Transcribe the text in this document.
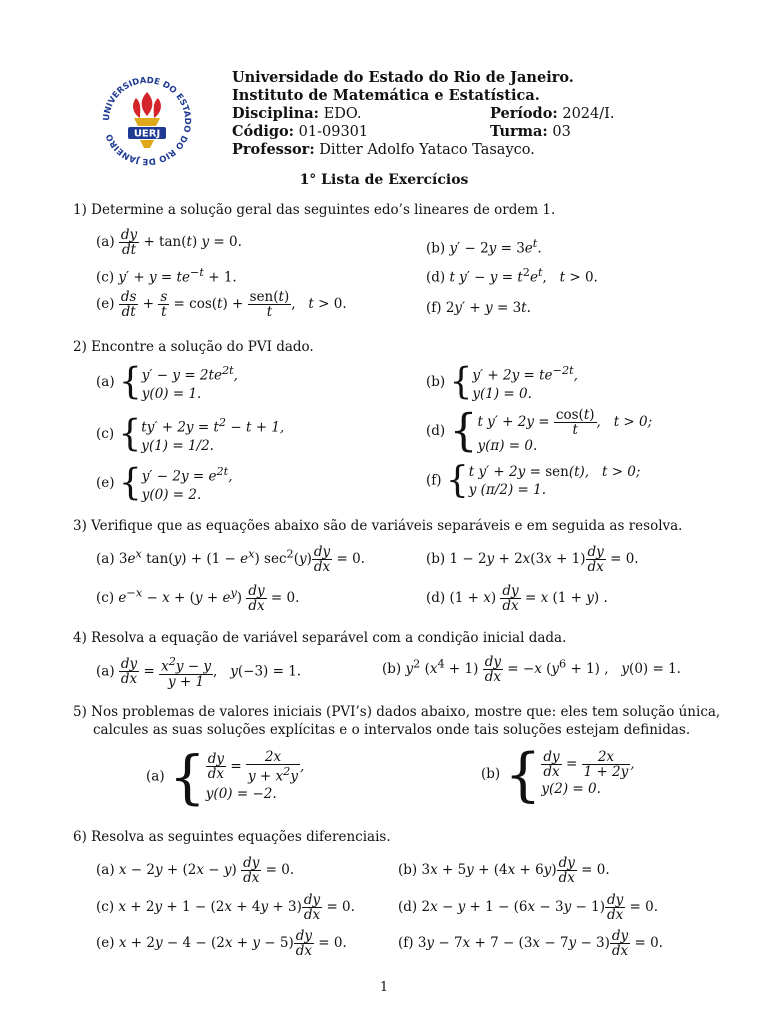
UNIVERSIDADE DO ESTADO DO RIO DE JANEIRO	UERJ
Universidade do Estado do Rio de Janeiro.
Instituto de Matemática e Estatística.
Disciplina: EDO.	Período: 2024/I.
Código: 01-09301	Turma: 03
Professor: Ditter Adolfo Yataco Tasayco.
1° Lista de Exercícios
1) Determine a solução geral das seguintes edo’s lineares de ordem 1.
$(a) \frac{dy}{dt} + \tan(t) y = 0$.	(b) $y' - 2y = 3e^t$.
(c) $y' + y = te^{-t} + 1$.	(d) t $y' - y = t^2e^t$,   t > 0.
$(e) \frac{ds}{dt} + \frac{s}{t} = \cos(t) + \frac{\text{sen(t)}}{t}$ ,   t > 0.	(f) 2y′ + y = 3t.
2) Encontre a solução do PVI dado.
(a) {$y' - y = 2te^{2t}$,
y(0) = 1.
(b) {$y' + 2y = te^{-2t}$,
y(1) = 0.
(c) {$ty' + 2y = t^2 - t + 1$,
y(1) = 1/2.
(d) {t $y' + 2y = \frac{\cos(t)}{t}$ ,   t > 0;
y(π) = 0.
(e) {$y' - 2y = e^{2t}$,
y(0) = 2.
(f) {t y′ + 2y = sen(t),   t > 0;
y (π/2) = 1.
3) Verifique que as equações abaixo são de variáveis separáveis e em seguida as resolva.
(a) $3e^x$ $\tan(y) + (1 - e^x)$ $\sec^2(y) \frac{dy}{dx} = 0$.	(b) $1 - 2y + 2x(3x + 1) \frac{dy}{dx} = 0$.
(c) $e^{-x} - x + (y + e^y) \frac{dy}{dx} = 0$.	(d) $(1 + x) \frac{dy}{dx} = x$ (1 + y) .
4) Resolva a equação de variável separável com a condição inicial dada.
$(a) \frac{dy}{dx} = \frac{x^2y - y}{y + 1}$ ,   y(−3) = 1.	(b) $y^2$ $(x^4 + 1) \frac{dy}{dx} = -x$ $(y^6 + 1)$ ,   y(0) = 1.
5) Nos problemas de valores iniciais (PVI’s) dados abaixo, mostre que: eles tem solução única,
calcules as suas soluções explícitas e o intervalos onde tais soluções estejam definidas.
(a) { $\frac{dy}{dx} = \frac{2x}{y + x^2y}$ ,
y(0) = −2.
(b) { $\frac{dy}{dx} = \frac{2x}{1 + 2y}$ ,
y(2) = 0.
6) Resolva as seguintes equações diferenciais.
(a) $x - 2y + (2x - y) \frac{dy}{dx} = 0$.	(b) $3x + 5y + (4x + 6y) \frac{dy}{dx} = 0$.
(c) $x + 2y + 1 - (2x + 4y + 3) \frac{dy}{dx} = 0$.	(d) $2x - y + 1 - (6x - 3y - 1) \frac{dy}{dx} = 0$.
(e) $x + 2y - 4 - (2x + y - 5) \frac{dy}{dx} = 0$.	(f) $3y - 7x + 7 - (3x - 7y - 3) \frac{dy}{dx} = 0$.
1
